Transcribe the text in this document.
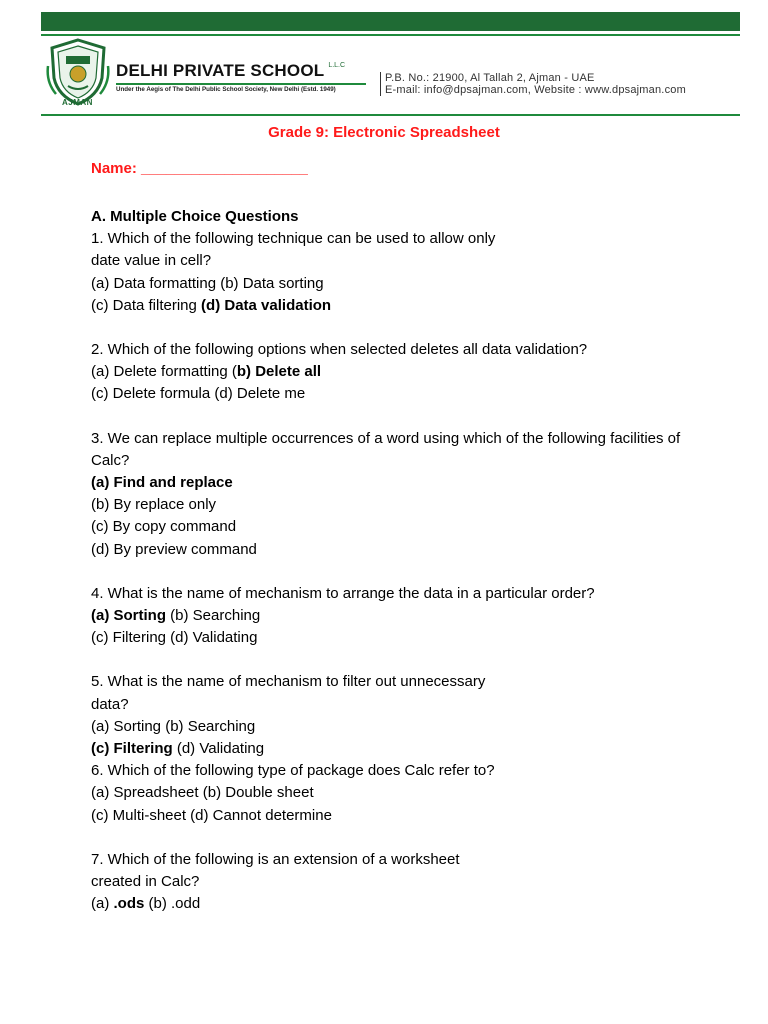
AJMAN
DELHI PRIVATE SCHOOL $^{L.L.C}$
Under the Aegis of The Delhi Public School Society, New Delhi (Estd. 1949)
P.B. No.: 21900, Al Tallah 2, Ajman - UAE
E-mail: info@dpsajman.com, Website : www.dpsajman.com
Grade 9: Electronic Spreadsheet
Name: ____________________

A. Multiple Choice Questions

1. Which of the following technique can be used to allow only

date value in cell?

(a) Data formatting (b) Data sorting

(c) Data filtering (d) Data validation

2. Which of the following options when selected deletes all data validation?

(a) Delete formatting (b) Delete all

(c) Delete formula (d) Delete me

3. We can replace multiple occurrences of a word using which of the following facilities of

Calc?

(a) Find and replace

(b) By replace only

(c) By copy command

(d) By preview command

4. What is the name of mechanism to arrange the data in a particular order?

(a) Sorting (b) Searching

(c) Filtering (d) Validating

5. What is the name of mechanism to filter out unnecessary

data?

(a) Sorting (b) Searching

(c) Filtering (d) Validating

6. Which of the following type of package does Calc refer to?

(a) Spreadsheet (b) Double sheet

(c) Multi-sheet (d) Cannot determine

7. Which of the following is an extension of a worksheet

created in Calc?

(a) .ods (b) .odd
